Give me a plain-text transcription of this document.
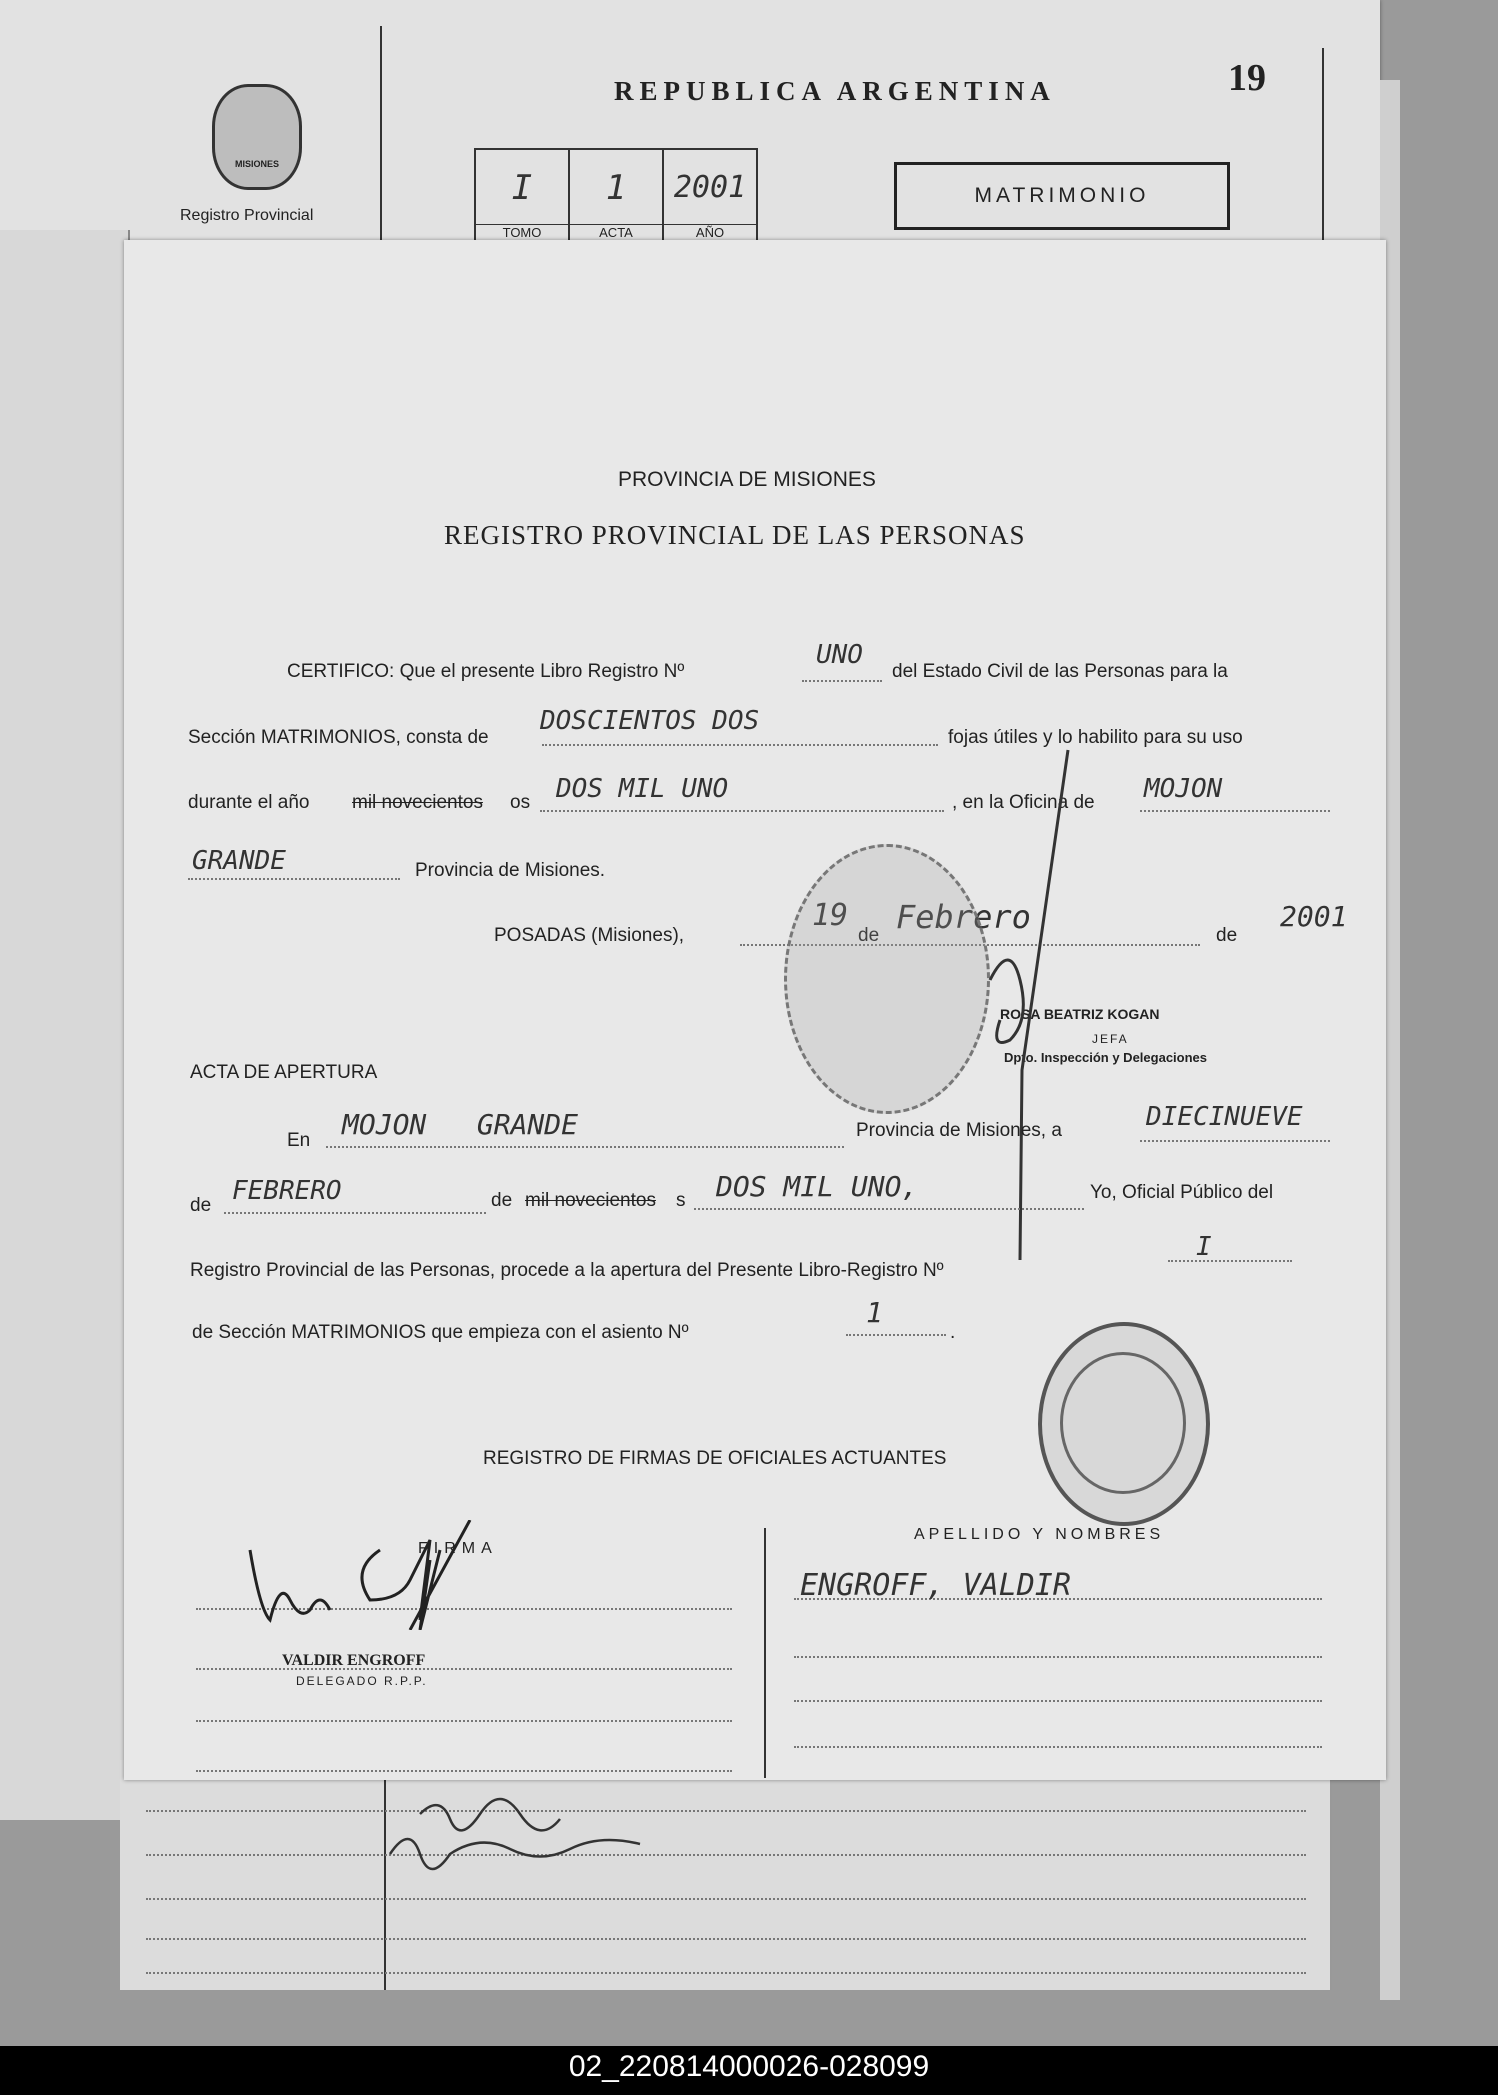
MISIONES
Registro Provincial
REPUBLICA ARGENTINA	19
I
TOMO
1
ACTA
2001
AÑO
MATRIMONIO
PROVINCIA DE MISIONES
REGISTRO PROVINCIAL DE LAS PERSONAS
CERTIFICO: Que el presente Libro Registro Nº
UNO
del Estado Civil de las Personas para la
Sección MATRIMONIOS, consta de
DOSCIENTOS DOS
fojas útiles y lo habilito para su uso
durante el año mil novecientos os DOS MIL UNO	, en la Oficina de MOJON
GRANDE	Provincia de Misiones.
POSADAS (Misiones),
19
de Febrero	de
2001
ROSA BEATRIZ KOGAN
JEFA
Dpto. Inspección y Delegaciones
ACTA DE APERTURA
En MOJON   GRANDE	Provincia de Misiones, a	DIECINUEVE
de FEBRERO	de mil novecientos s DOS MIL UNO,	Yo, Oficial Público del
Registro Provincial de las Personas, procede a la apertura del Presente Libro-Registro Nº
I
de Sección MATRIMONIOS que empieza con el asiento Nº
1
.
REGISTRO DE FIRMAS DE OFICIALES ACTUANTES
FIRMA
APELLIDO Y NOMBRES
VALDIR ENGROFF
DELEGADO R.P.P.
ENGROFF, VALDIR
02_220814000026-028099
